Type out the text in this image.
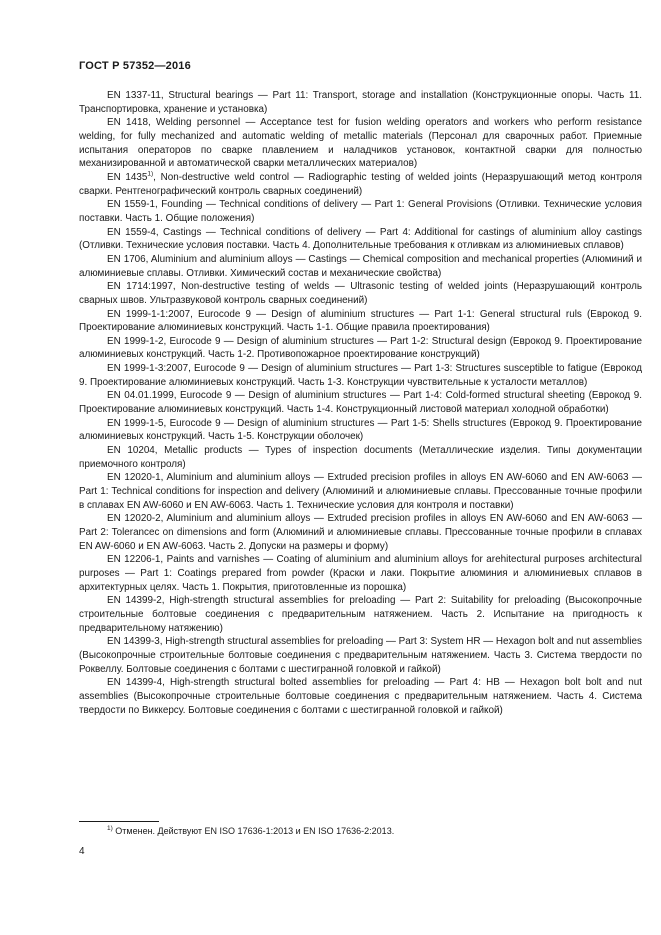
ГОСТ Р 57352—2016

EN 1337-11, Structural bearings — Part 11: Transport, storage and installation (Конструкционные опоры. Часть 11. Транспортировка, хранение и установка)

EN 1418, Welding personnel — Acceptance test for fusion welding operators and workers who perform resistance welding, for fully mechanized and automatic welding of metallic materials (Персонал для сварочных работ. Приемные испытания операторов по сварке плавлением и наладчиков установок, контактной сварки для полностью механизированной и автоматической сварки металлических материалов)

EN 1435$^{1)}$, Non-destructive weld control — Radiographic testing of welded joints (Неразрушающий метод контроля сварки. Рентгенографический контроль сварных соединений)

EN 1559-1, Founding — Technical conditions of delivery — Part 1: General Provisions (Отливки. Технические условия поставки. Часть 1. Общие положения)

EN 1559-4, Castings — Technical conditions of delivery — Part 4: Additional for castings of aluminium alloy castings (Отливки. Технические условия поставки. Часть 4. Дополнительные требования к отливкам из алюминиевых сплавов)

EN 1706, Aluminium and aluminium alloys — Castings — Chemical composition and mechanical properties (Алюминий и алюминиевые сплавы. Отливки. Химический состав и механические свойства)

EN 1714:1997, Non-destructive testing of welds — Ultrasonic testing of welded joints (Неразрушающий контроль сварных швов. Ультразвуковой контроль сварных соединений)

EN 1999-1-1:2007, Eurocode 9 — Design of aluminium structures — Part 1-1: General structural ruls (Еврокод 9. Проектирование алюминиевых конструкций. Часть 1-1. Общие правила проектирования)

EN 1999-1-2, Eurocode 9 — Design of aluminium structures — Part 1-2: Structural design (Еврокод 9. Проектирование алюминиевых конструкций. Часть 1-2. Противопожарное проектирование конструкций)

EN 1999-1-3:2007, Eurocode 9 — Design of aluminium structures — Part 1-3: Structures susceptible to fatigue (Еврокод 9. Проектирование алюминиевых конструкций. Часть 1-3. Конструкции чувствительные к усталости металлов)

EN 04.01.1999, Eurocode 9 — Design of aluminium structures — Part 1-4: Cold-formed structural sheeting (Еврокод 9. Проектирование алюминиевых конструкций. Часть 1-4. Конструкционный листовой материал холодной обработки)

EN 1999-1-5, Eurocode 9 — Design of aluminium structures — Part 1-5: Shells structures (Еврокод 9. Проектирование алюминиевых конструкций. Часть 1-5. Конструкции оболочек)

EN 10204, Metallic products — Types of inspection documents (Металлические изделия. Типы документации приемочного контроля)

EN 12020-1, Aluminium and aluminium alloys — Extruded precision profiles in alloys EN AW-6060 and EN AW-6063 — Part 1: Technical conditions for inspection and delivery (Алюминий и алюминиевые сплавы. Прессованные точные профили в сплавах EN AW-6060 и EN AW-6063. Часть 1. Технические условия для контроля и поставки)

EN 12020-2, Aluminium and aluminium alloys — Extruded precision profiles in alloys EN AW-6060 and EN AW-6063 — Part 2: Tolerancec on dimensions and form (Алюминий и алюминиевые сплавы. Прессованные точные профили в сплавах EN AW-6060 и EN AW-6063. Часть 2. Допуски на размеры и форму)

EN 12206-1, Paints and varnishes — Coating of aluminium and aluminium alloys for arehitectural purposes architectural purposes — Part 1: Coatings prepared from powder (Краски и лаки. Покрытие алюминия и алюминиевых сплавов в архитектурных целях. Часть 1. Покрытия, приготовленные из порошка)

EN 14399-2, High-strength structural assemblies for preloading — Part 2: Suitability for preloading (Высокопрочные строительные болтовые соединения с предварительным натяжением. Часть 2. Испытание на пригодность к предварительному натяжению)

EN 14399-3, High-strength structural assemblies for preloading — Part 3: System HR — Hexagon bolt and nut assemblies (Высокопрочные строительные болтовые соединения с предварительным натяжением. Часть 3. Система твердости по Роквеллу. Болтовые соединения с болтами с шестигранной головкой и гайкой)

EN 14399-4, High-strength structural bolted assemblies for preloading — Part 4: HB — Hexagon bolt bolt and nut assemblies (Высокопрочные строительные болтовые соединения с предварительным натяжением. Часть 4. Система твердости по Виккерсу. Болтовые соединения с болтами с шестигранной головкой и гайкой)

$^{1)}$ Отменен. Действуют EN ISO 17636-1:2013 и EN ISO 17636-2:2013.
4
